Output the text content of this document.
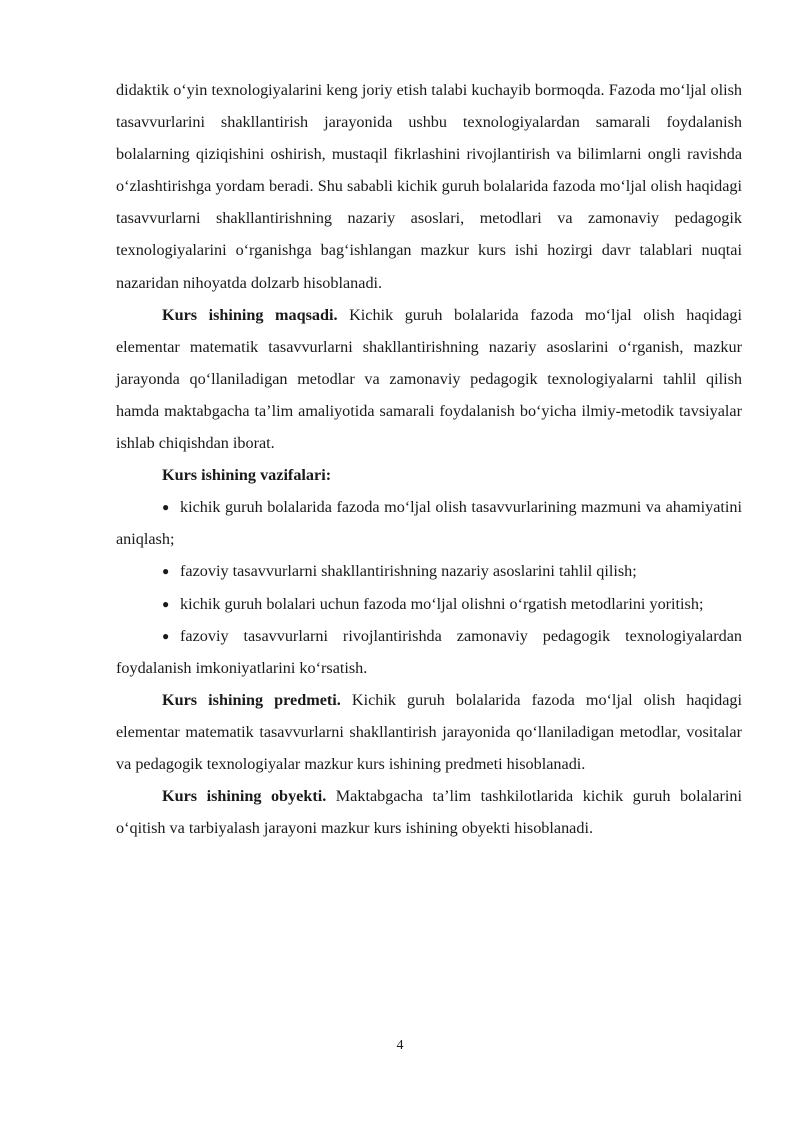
didaktik o‘yin texnologiyalarini keng joriy etish talabi kuchayib bormoqda. Fazoda mo‘ljal olish tasavvurlarini shakllantirish jarayonida ushbu texnologiyalardan samarali foydalanish bolalarning qiziqishini oshirish, mustaqil fikrlashini rivojlantirish va bilimlarni ongli ravishda o‘zlashtirishga yordam beradi. Shu sababli kichik guruh bolalarida fazoda mo‘ljal olish haqidagi tasavvurlarni shakllantirishning nazariy asoslari, metodlari va zamonaviy pedagogik texnologiyalarini o‘rganishga bag‘ishlangan mazkur kurs ishi hozirgi davr talablari nuqtai nazaridan nihoyatda dolzarb hisoblanadi.

Kurs ishining maqsadi. Kichik guruh bolalarida fazoda mo‘ljal olish haqidagi elementar matematik tasavvurlarni shakllantirishning nazariy asoslarini o‘rganish, mazkur jarayonda qo‘llaniladigan metodlar va zamonaviy pedagogik texnologiyalarni tahlil qilish hamda maktabgacha ta’lim amaliyotida samarali foydalanish bo‘yicha ilmiy-metodik tavsiyalar ishlab chiqishdan iborat.

Kurs ishining vazifalari:

● kichik guruh bolalarida fazoda mo‘ljal olish tasavvurlarining mazmuni va ahamiyatini aniqlash;

● fazoviy tasavvurlarni shakllantirishning nazariy asoslarini tahlil qilish;

● kichik guruh bolalari uchun fazoda mo‘ljal olishni o‘rgatish metodlarini yoritish;

● fazoviy tasavvurlarni rivojlantirishda zamonaviy pedagogik texnologiyalardan foydalanish imkoniyatlarini ko‘rsatish.

Kurs ishining predmeti. Kichik guruh bolalarida fazoda mo‘ljal olish haqidagi elementar matematik tasavvurlarni shakllantirish jarayonida qo‘llaniladigan metodlar, vositalar va pedagogik texnologiyalar mazkur kurs ishining predmeti hisoblanadi.

Kurs ishining obyekti. Maktabgacha ta’lim tashkilotlarida kichik guruh bolalarini o‘qitish va tarbiyalash jarayoni mazkur kurs ishining obyekti hisoblanadi.

4
